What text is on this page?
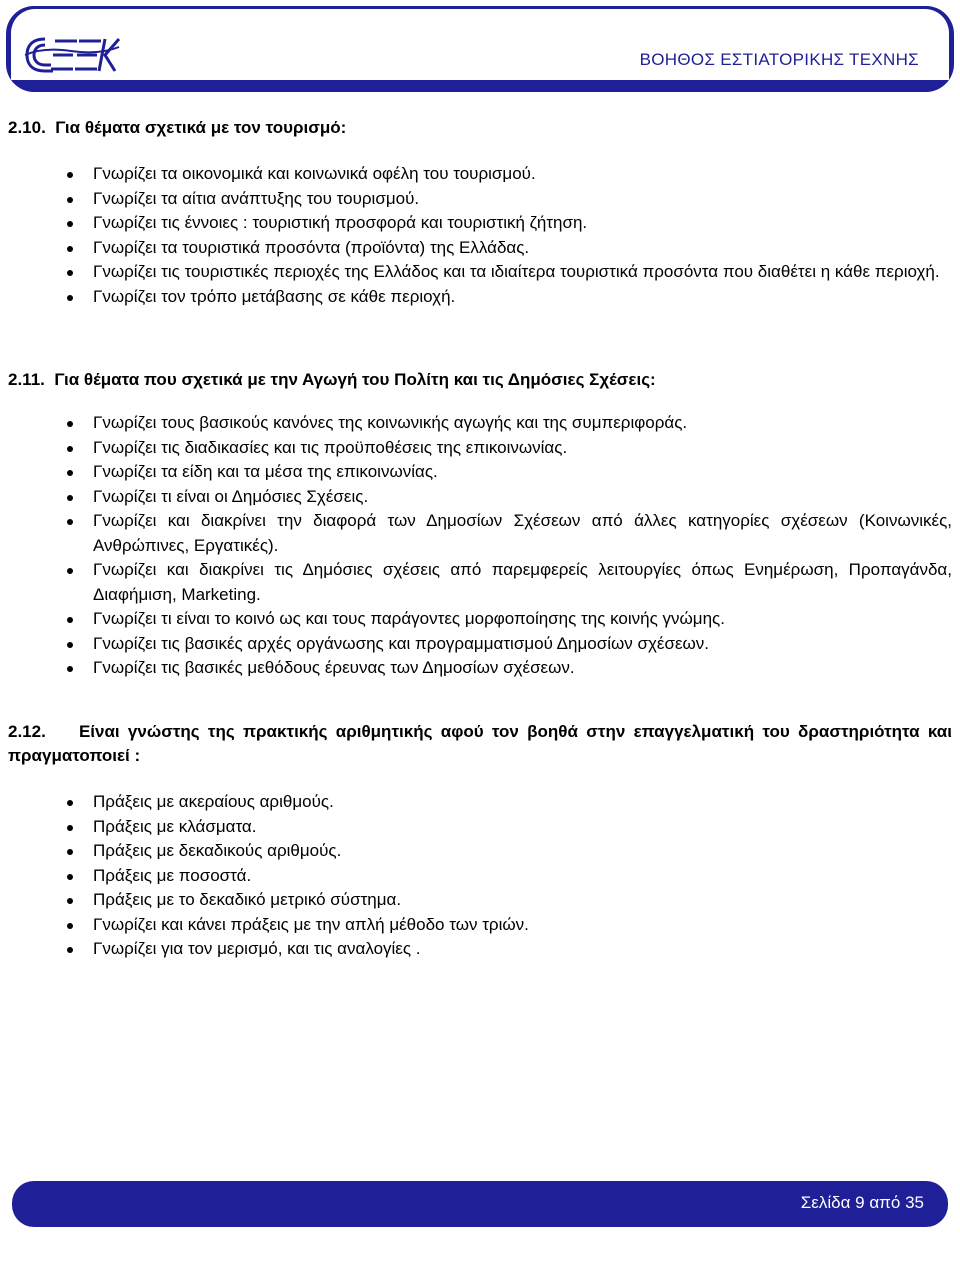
ΒΟΗΘΟΣ ΕΣΤΙΑΤΟΡΙΚΗΣ ΤΕΧΝΗΣ

2.10. Για θέματα σχετικά με τον τουρισμό:

Γνωρίζει τα οικονομικά και κοινωνικά οφέλη του τουρισμού.
Γνωρίζει τα αίτια ανάπτυξης του τουρισμού.
Γνωρίζει τις έννοιες : τουριστική προσφορά και τουριστική ζήτηση.
Γνωρίζει τα τουριστικά προσόντα (προϊόντα) της Ελλάδας.
Γνωρίζει τις τουριστικές περιοχές της Ελλάδος και τα ιδιαίτερα τουριστικά προσόντα που διαθέτει η κάθε περιοχή.
Γνωρίζει τον τρόπο μετάβασης σε κάθε περιοχή.

2.11. Για θέματα που σχετικά με την Αγωγή του Πολίτη και τις Δημόσιες Σχέσεις:

Γνωρίζει τους βασικούς κανόνες της κοινωνικής αγωγής και της συμπεριφοράς.
Γνωρίζει τις διαδικασίες και τις προϋποθέσεις της επικοινωνίας.
Γνωρίζει τα είδη και τα μέσα της επικοινωνίας.
Γνωρίζει τι είναι οι Δημόσιες Σχέσεις.
Γνωρίζει και διακρίνει την διαφορά των Δημοσίων Σχέσεων από άλλες κατηγορίες σχέσεων (Κοινωνικές, Ανθρώπινες, Εργατικές).
Γνωρίζει και διακρίνει τις Δημόσιες σχέσεις από παρεμφερείς λειτουργίες όπως Ενημέρωση, Προπαγάνδα, Διαφήμιση, Marketing.
Γνωρίζει τι είναι το κοινό ως και τους παράγοντες μορφοποίησης της κοινής γνώμης.
Γνωρίζει τις βασικές αρχές οργάνωσης και προγραμματισμού Δημοσίων σχέσεων.
Γνωρίζει τις βασικές μεθόδους έρευνας των Δημοσίων σχέσεων.

2.12. Είναι γνώστης της πρακτικής αριθμητικής αφού τον βοηθά στην επαγγελματική του δραστηριότητα και πραγματοποιεί :

Πράξεις με ακεραίους αριθμούς.
Πράξεις με κλάσματα.
Πράξεις με δεκαδικούς αριθμούς.
Πράξεις με ποσοστά.
Πράξεις με το δεκαδικό μετρικό σύστημα.
Γνωρίζει και κάνει πράξεις με την απλή μέθοδο των τριών.
Γνωρίζει για τον μερισμό, και τις αναλογίες .
Σελίδα 9 από 35
